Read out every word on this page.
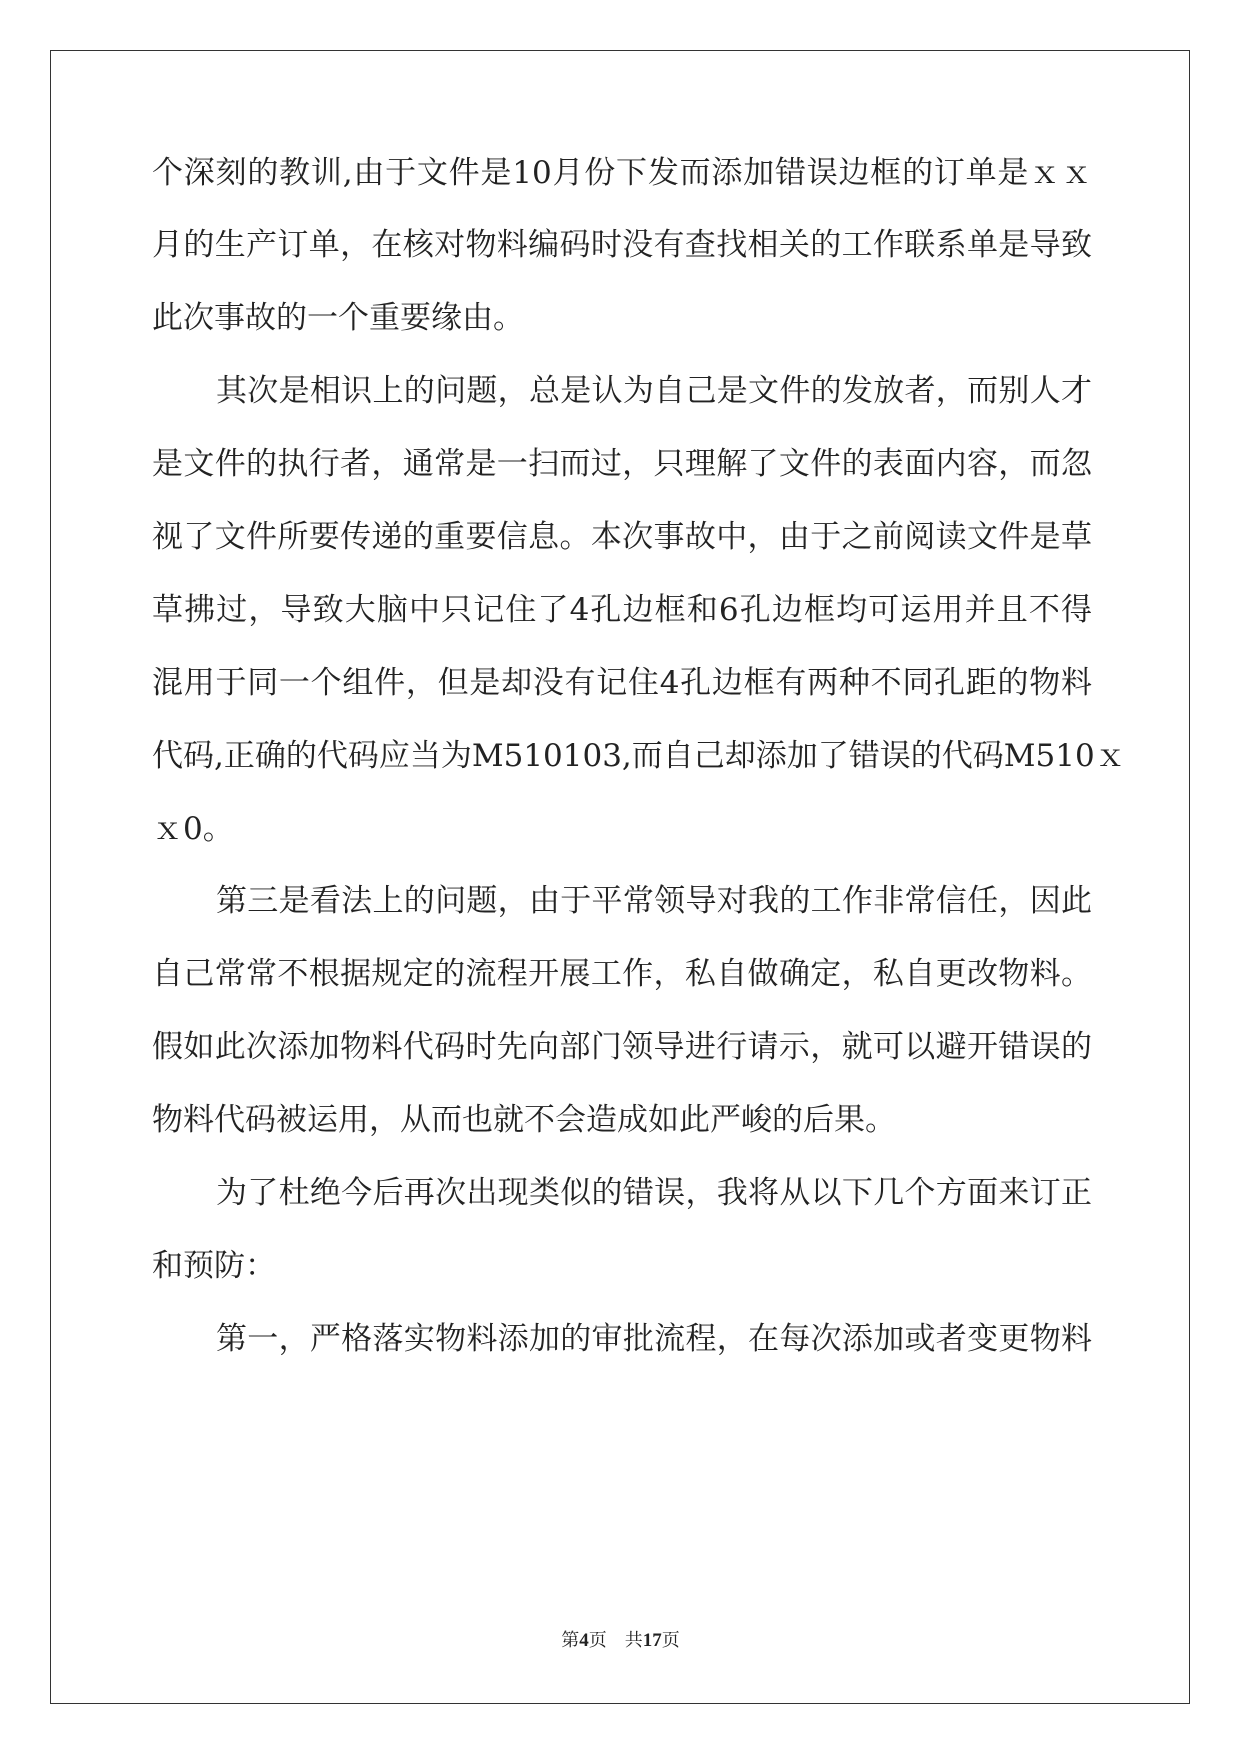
个深刻的教训,由于文件是10月份下发而添加错误边框的订单是ｘｘ
月的生产订单，在核对物料编码时没有查找相关的工作联系单是导致
此次事故的一个重要缘由。
其次是相识上的问题，总是认为自己是文件的发放者，而别人才
是文件的执行者，通常是一扫而过，只理解了文件的表面内容，而忽
视了文件所要传递的重要信息。本次事故中，由于之前阅读文件是草
草拂过，导致大脑中只记住了4孔边框和6孔边框均可运用并且不得
混用于同一个组件，但是却没有记住4孔边框有两种不同孔距的物料
代码,正确的代码应当为M510103,而自己却添加了错误的代码M510ｘ
ｘ0。
第三是看法上的问题，由于平常领导对我的工作非常信任，因此
自己常常不根据规定的流程开展工作，私自做确定，私自更改物料。
假如此次添加物料代码时先向部门领导进行请示，就可以避开错误的
物料代码被运用，从而也就不会造成如此严峻的后果。
为了杜绝今后再次出现类似的错误，我将从以下几个方面来订正
和预防：
第一，严格落实物料添加的审批流程，在每次添加或者变更物料
第4页 共17页
